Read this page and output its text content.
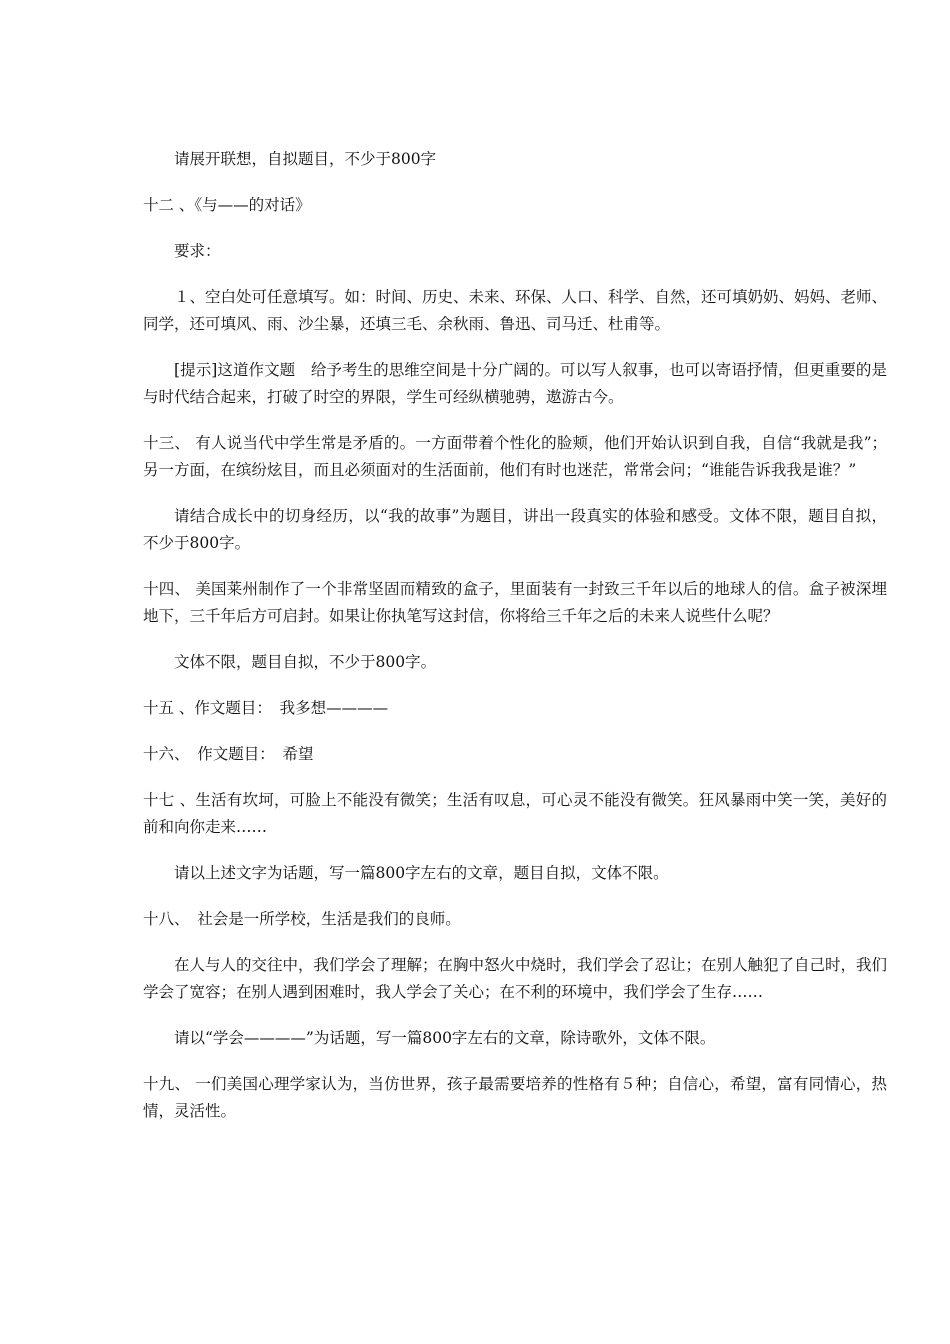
请展开联想，自拟题目，不少于800字

十二 、《与——的对话》

要求：

１、空白处可任意填写。如：时间、历史、未来、环保、人口、科学、自然，还可填奶奶、妈妈、老师、同学，还可填风、雨、沙尘暴，还填三毛、余秋雨、鲁迅、司马迁、杜甫等。

[提示]这道作文题　给予考生的思维空间是十分广阔的。可以写人叙事，也可以寄语抒情，但更重要的是与时代结合起来，打破了时空的界限，学生可经纵横驰骋，遨游古今。

十三、 有人说当代中学生常是矛盾的。一方面带着个性化的脸颊，他们开始认识到自我，自信“我就是我”；另一方面，在缤纷炫目，而且必须面对的生活面前，他们有时也迷茫，常常会问；“谁能告诉我我是谁？”

请结合成长中的切身经历，以“我的故事”为题目，讲出一段真实的体验和感受。文体不限，题目自拟，不少于800字。

十四、 美国莱州制作了一个非常坚固而精致的盒子，里面装有一封致三千年以后的地球人的信。盒子被深埋地下，三千年后方可启封。如果让你执笔写这封信，你将给三千年之后的未来人说些什么呢？

文体不限，题目自拟，不少于800字。

十五 、作文题目：　我多想————

十六、　作文题目：　希望

十七 、生活有坎坷，可脸上不能没有微笑；生活有叹息，可心灵不能没有微笑。狂风暴雨中笑一笑，美好的前和向你走来……

请以上述文字为话题，写一篇800字左右的文章，题目自拟，文体不限。

十八、　社会是一所学校，生活是我们的良师。

在人与人的交往中，我们学会了理解；在胸中怒火中烧时，我们学会了忍让；在别人触犯了自己时，我们学会了宽容；在别人遇到困难时，我人学会了关心；在不利的环境中，我们学会了生存……

请以“学会————”为话题，写一篇800字左右的文章，除诗歌外，文体不限。

十九、 一们美国心理学家认为，当仿世界，孩子最需要培养的性格有５种；自信心，希望，富有同情心，热情，灵活性。
